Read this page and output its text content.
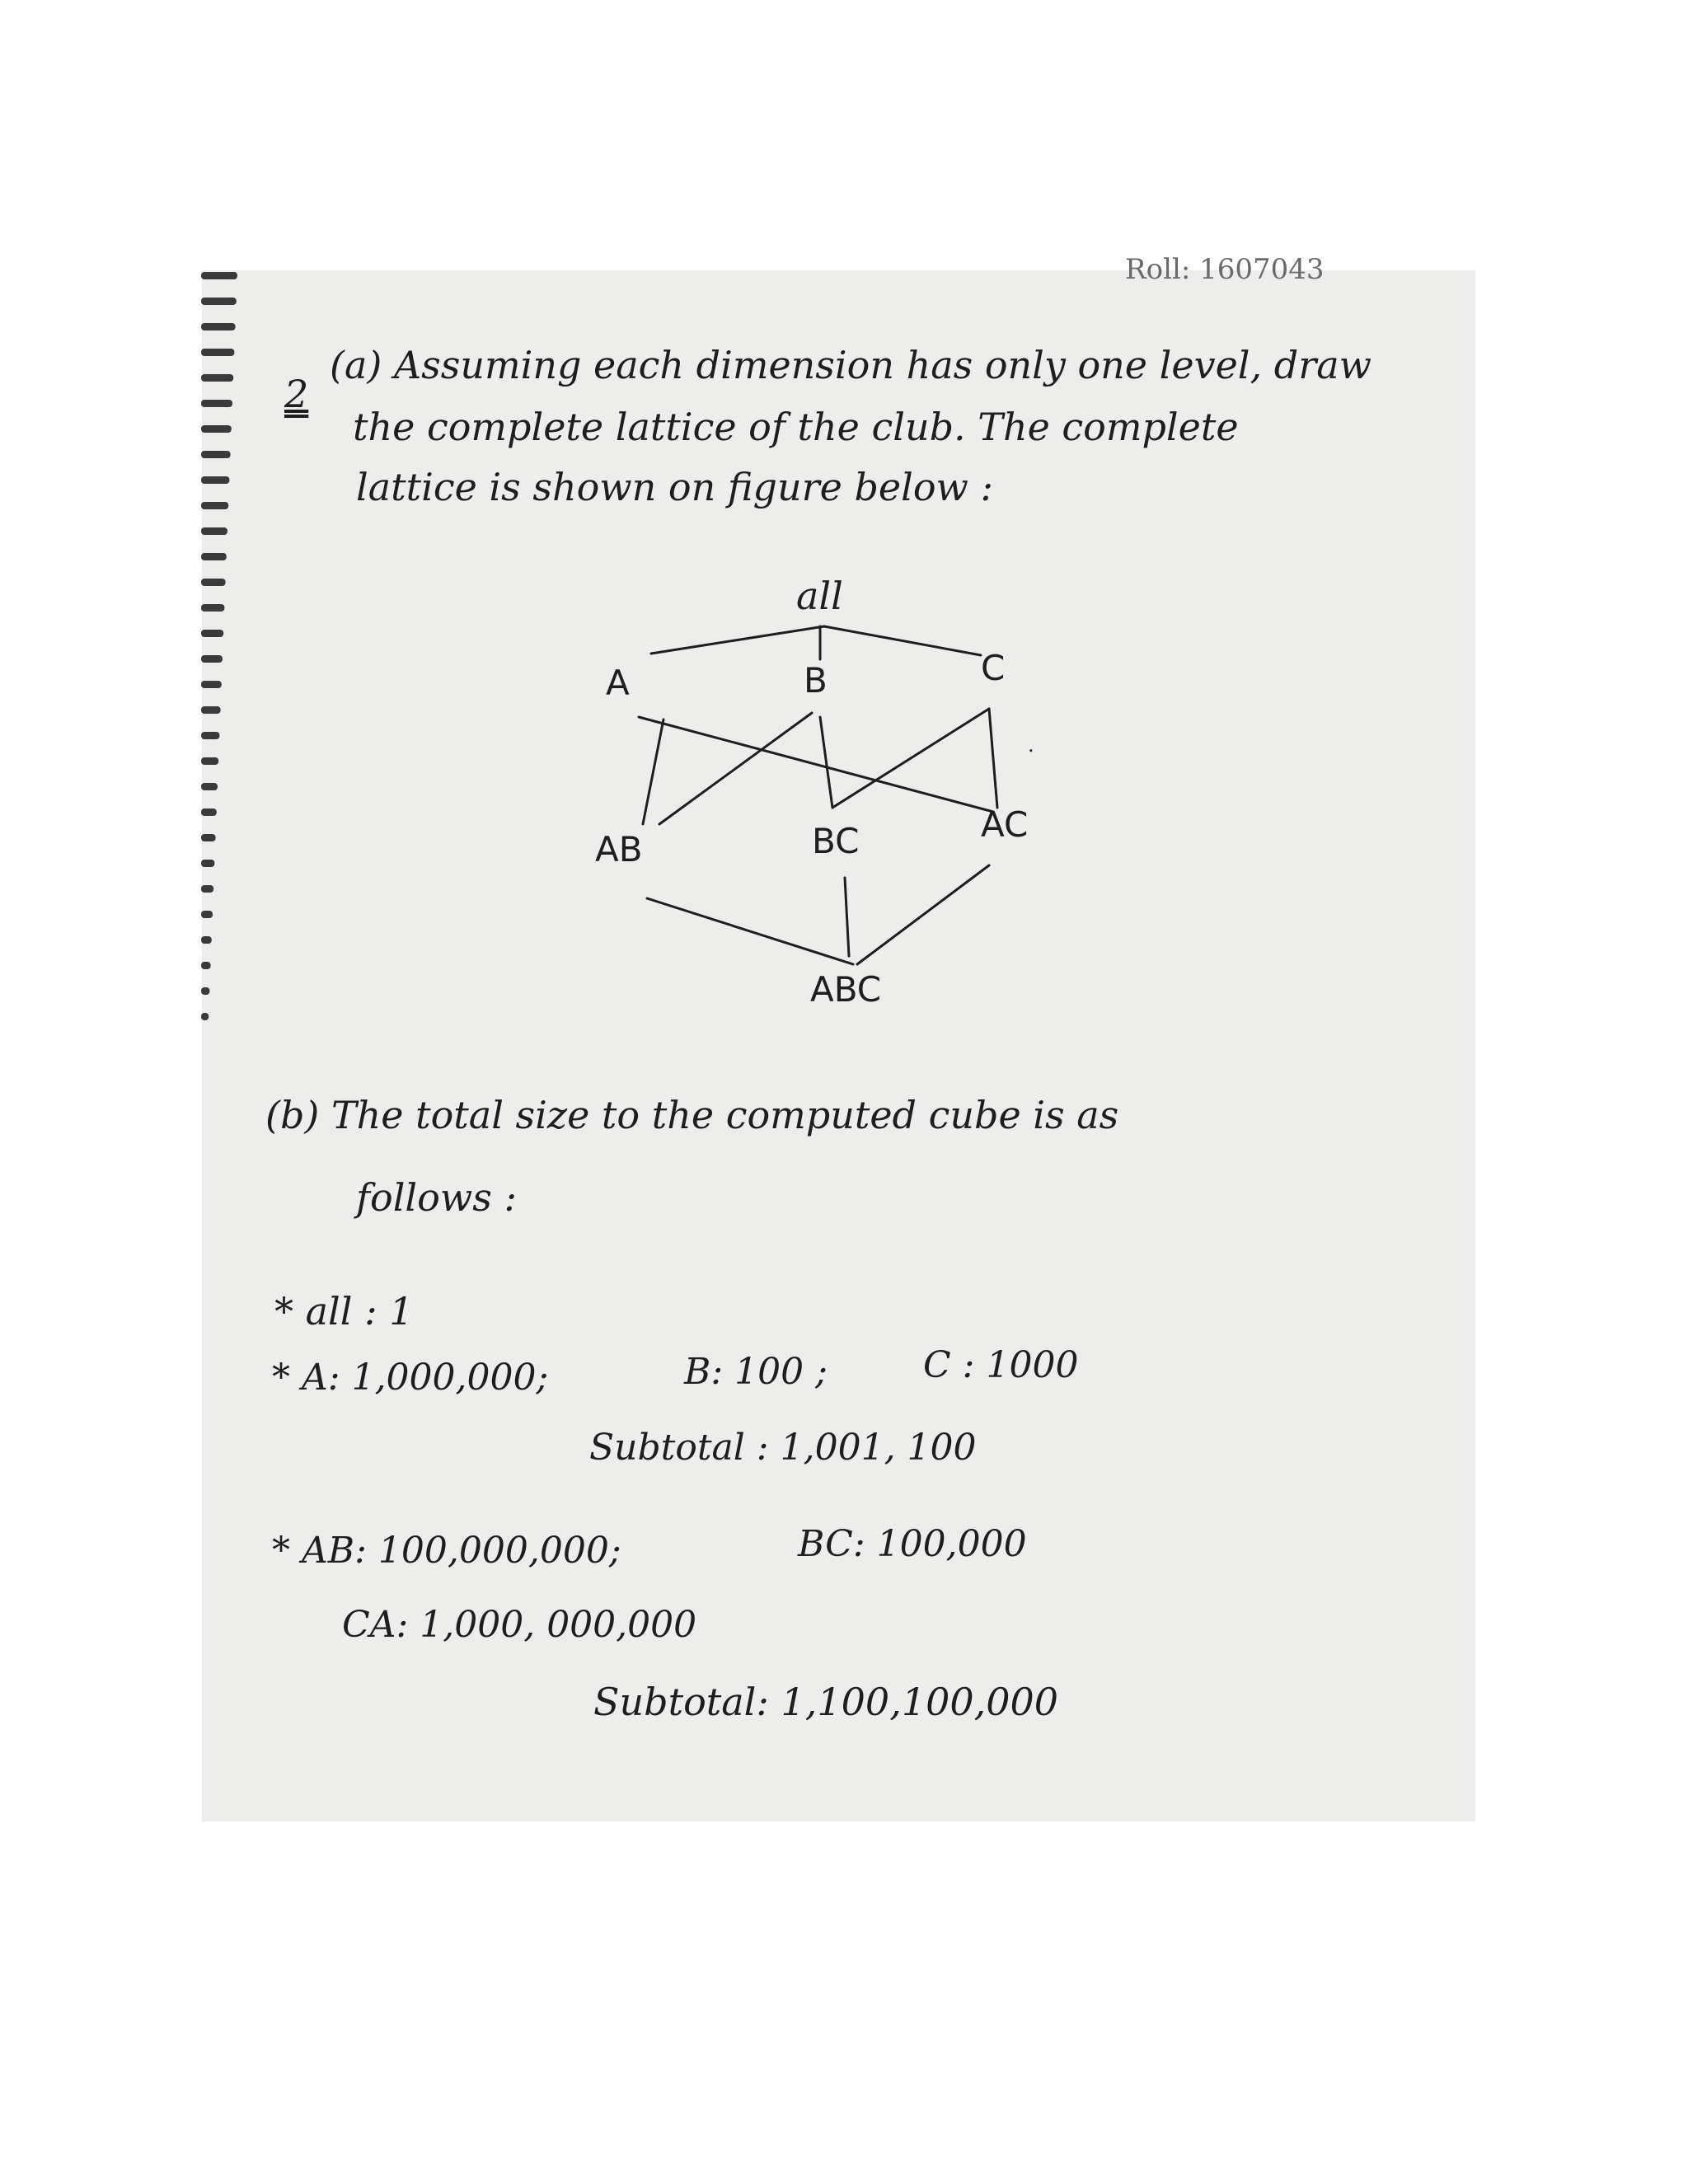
Roll: 1607043
2
(a) Assuming each dimension has only one level, draw
the complete lattice of the club. The complete
lattice is shown on figure below :
.
all
A	B	C
AB	BC	AC
ABC
(b) The total size to the computed cube is as
follows :
* all : 1
* A: 1,000,000;	B: 100 ;	C : 1000
Subtotal : 1,001, 100
* AB: 100,000,000;	BC: 100,000
CA: 1,000, 000,000
Subtotal: 1,100,100,000
